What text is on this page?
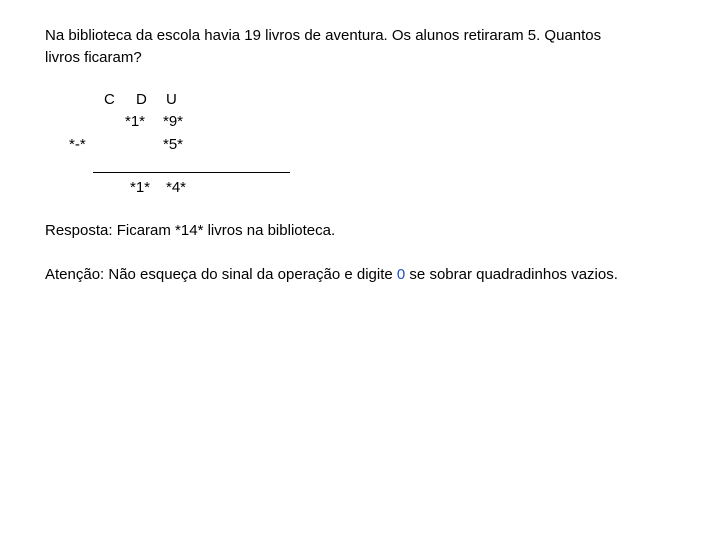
Na biblioteca da escola havia 19 livros de aventura. Os alunos retiraram 5. Quantos
livros ficaram?
C D U
*1* *9*
*-*	*5*
*1* *4*
Resposta: Ficaram *14* livros na biblioteca.
Atenção: Não esqueça do sinal da operação e digite 0 se sobrar quadradinhos vazios.
